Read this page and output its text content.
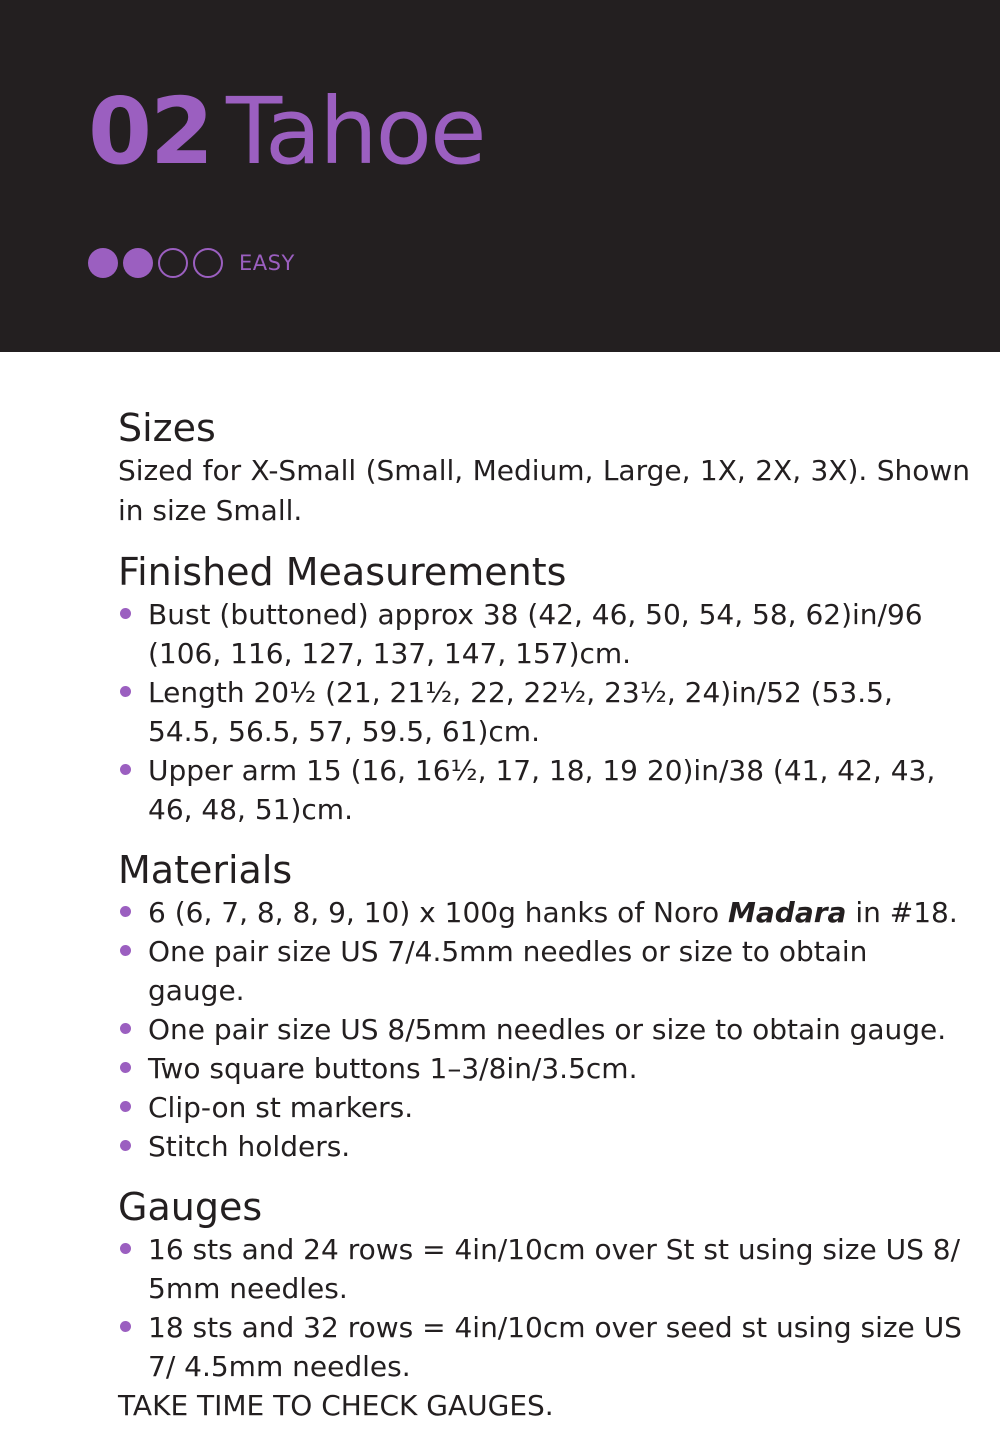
02 Tahoe
EASY
Sizes

Sized for X-Small (Small, Medium, Large, 1X, 2X, 3X). Shown in size Small.

Finished Measurements
Bust (buttoned) approx 38 (42, 46, 50, 54, 58, 62)in/96 (106, 116, 127, 137, 147, 157)cm.
Length 20½ (21, 21½, 22, 22½, 23½, 24)in/52 (53.5, 54.5, 56.5, 57, 59.5, 61)cm.
Upper arm 15 (16, 16½, 17, 18, 19 20)in/38 (41, 42, 43, 46, 48, 51)cm.
Materials
6 (6, 7, 8, 8, 9, 10) x 100g hanks of Noro Madara in #18.
One pair size US 7/4.5mm needles or size to obtain gauge.
One pair size US 8/5mm needles or size to obtain gauge.
Two square buttons 1–3/8in/3.5cm.
Clip-on st markers.
Stitch holders.
Gauges
16 sts and 24 rows = 4in/10cm over St st using size US 8/ 5mm needles.
18 sts and 32 rows = 4in/10cm over seed st using size US 7/ 4.5mm needles.
TAKE TIME TO CHECK GAUGES.
